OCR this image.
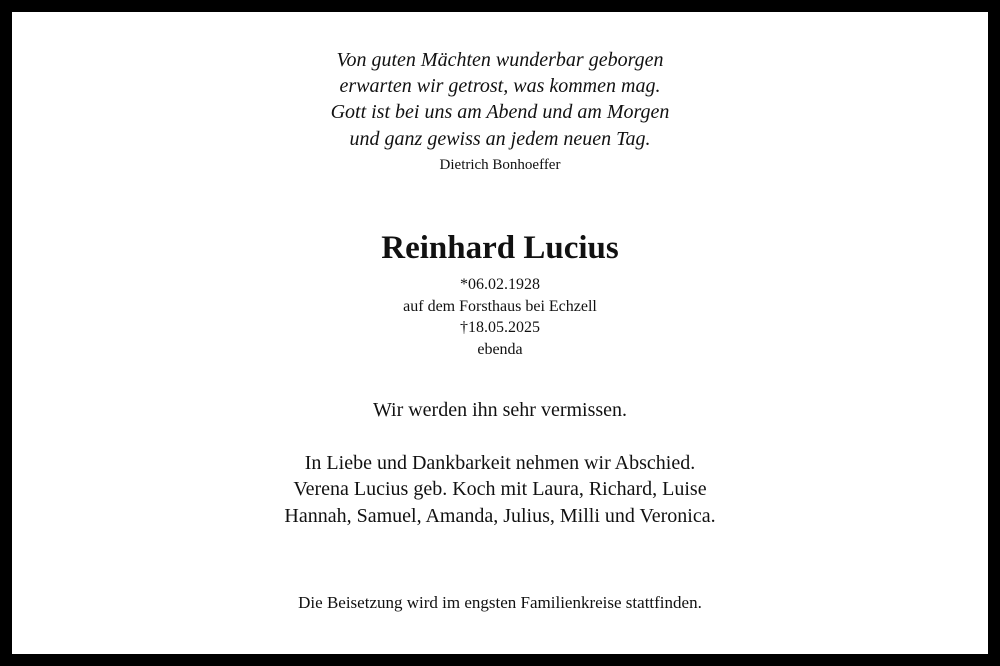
Von guten Mächten wunderbar geborgen
erwarten wir getrost, was kommen mag.
Gott ist bei uns am Abend und am Morgen
und ganz gewiss an jedem neuen Tag.
Dietrich Bonhoeffer
Reinhard Lucius
*06.02.1928
auf dem Forsthaus bei Echzell
†18.05.2025
ebenda
Wir werden ihn sehr vermissen.
In Liebe und Dankbarkeit nehmen wir Abschied.
Verena Lucius geb. Koch mit Laura, Richard, Luise
Hannah, Samuel, Amanda, Julius, Milli und Veronica.
Die Beisetzung wird im engsten Familienkreise stattfinden.
